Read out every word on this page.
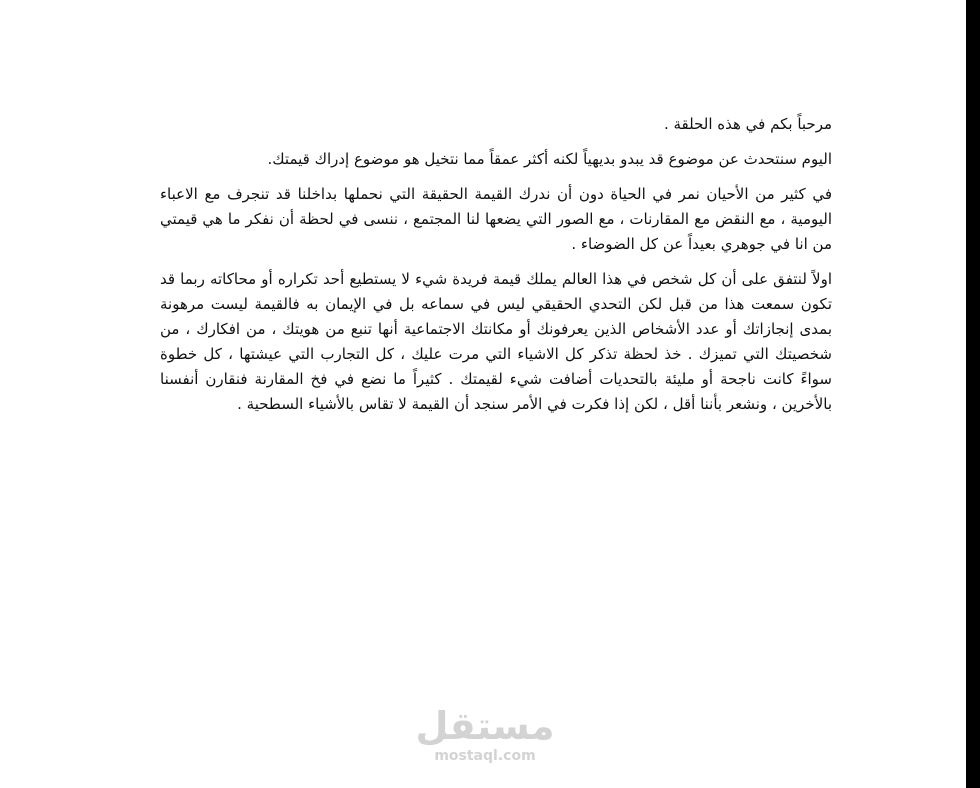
مرحباً بكم في هذه الحلقة .

اليوم سنتحدث عن موضوع قد يبدو بديهياً لكنه أكثر عمقاً مما نتخيل هو موضوع إدراك قيمتك.

في كثير من الأحيان نمر في الحياة دون أن ندرك القيمة الحقيقة التي نحملها بداخلنا قد تنجرف مع الاعباء اليومية ، مع النقض مع المقارنات ، مع الصور التي يضعها لنا المجتمع ، ننسى في لحظة أن نفكر ما هي قيمتي من انا في جوهري بعيداً عن كل الضوضاء .

اولاً لنتفق على أن كل شخص في هذا العالم يملك قيمة فريدة شيء لا يستطيع أحد تكراره أو محاكاته ربما قد تكون سمعت هذا من قبل لكن التحدي الحقيقي ليس في سماعه بل في الإيمان به فالقيمة ليست مرهونة بمدى إنجازاتك أو عدد الأشخاص الذين يعرفونك أو مكانتك الاجتماعية أنها تنبع من هويتك ، من افكارك ، من شخصيتك التي تميزك . خذ لحظة تذكر كل الاشياء التي مرت عليك ، كل التجارب التي عيشتها ، كل خطوة سواءً كانت ناجحة أو مليئة بالتحديات أضافت شيء لقيمتك . كثيراً ما نضع في فخ المقارنة فنقارن أنفسنا بالأخرين ، ونشعر بأننا أقل ، لكن إذا فكرت في الأمر سنجد أن القيمة لا تقاس بالأشياء السطحية .

مستقل
mostaql.com
